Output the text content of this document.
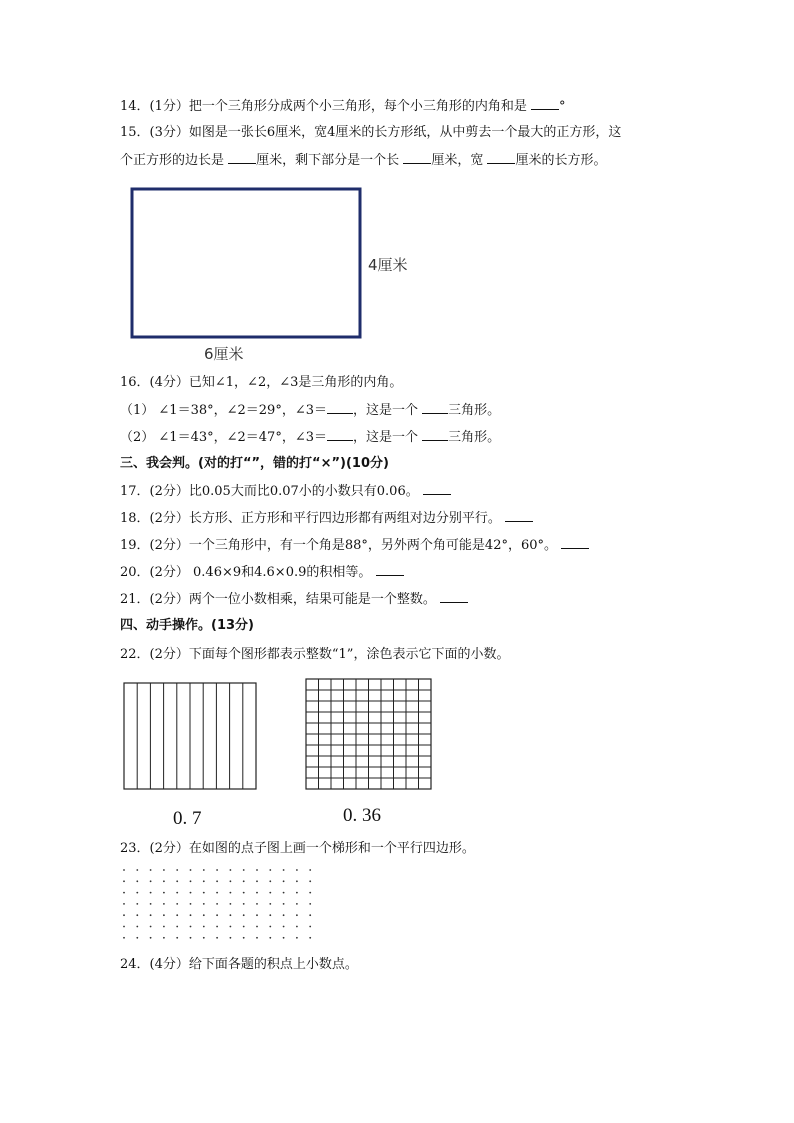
14．(1分）把一个三角形分成两个小三角形，每个小三角形的内角和是 °
15．(3分）如图是一张长6厘米，宽4厘米的长方形纸，从中剪去一个最大的正方形，这
个正方形的边长是 厘米，剩下部分是一个长 厘米，宽 厘米的长方形。
4厘米
6厘米
16．(4分）已知∠1，∠2，∠3是三角形的内角。
（1） ∠1＝38°，∠2＝29°，∠3＝ ，这是一个 三角形。
（2） ∠1＝43°，∠2＝47°，∠3＝ ，这是一个 三角形。
三、我会判。(对的打“”，错的打“×”)(10分)
17．(2分）比0.05大而比0.07小的小数只有0.06。
18．(2分）长方形、正方形和平行四边形都有两组对边分别平行。
19．(2分）一个三角形中，有一个角是88°，另外两个角可能是42°，60°。
20．(2分） 0.46×9和4.6×0.9的积相等。
21．(2分）两个一位小数相乘，结果可能是一个整数。
四、动手操作。(13分)
22．(2分）下面每个图形都表示整数“1”，涂色表示它下面的小数。
0. 7	0. 36
23．(2分）在如图的点子图上画一个梯形和一个平行四边形。
24．(4分）给下面各题的积点上小数点。
